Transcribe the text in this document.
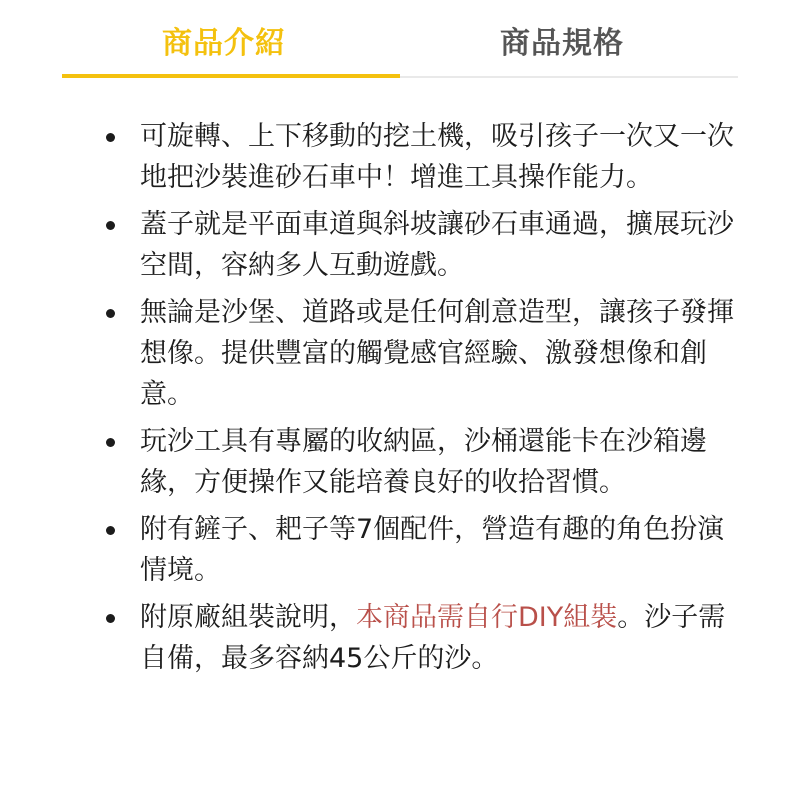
商品介紹	商品規格
可旋轉、上下移動的挖土機，吸引孩子一次又一次地把沙裝進砂石車中！增進工具操作能力。
蓋子就是平面車道與斜坡讓砂石車通過，擴展玩沙空間，容納多人互動遊戲。
無論是沙堡、道路或是任何創意造型，讓孩子發揮想像。提供豐富的觸覺感官經驗、激發想像和創意。
玩沙工具有專屬的收納區，沙桶還能卡在沙箱邊緣，方便操作又能培養良好的收拾習慣。
附有鏟子、耙子等7個配件，營造有趣的角色扮演情境。
附原廠組裝說明，本商品需自行DIY組裝。沙子需自備，最多容納45公斤的沙。
